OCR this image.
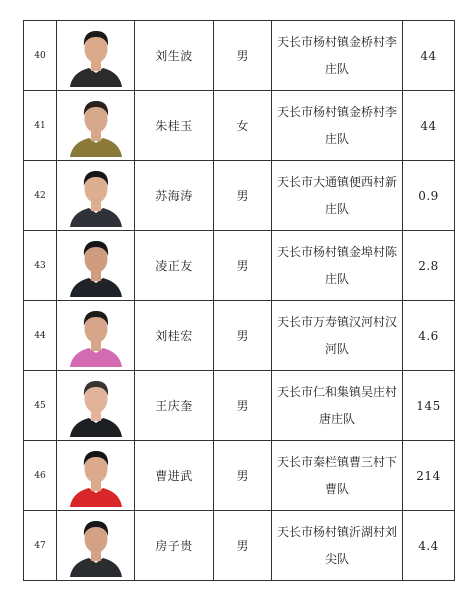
40		刘生波	男	天长市杨村镇金桥村李庄队	44
41		朱桂玉	女	天长市杨村镇金桥村李庄队	44
42		苏海涛	男	天长市大通镇便西村新庄队	0.9
43		凌正友	男	天长市杨村镇金埠村陈庄队	2.8
44		刘桂宏	男	天长市万寿镇汉河村汉河队	4.6
45		王庆奎	男	天长市仁和集镇吴庄村唐庄队	145
46		曹进武	男	天长市秦栏镇曹三村下曹队	214
47		房子贵	男	天长市杨村镇沂湖村刘尖队	4.4
